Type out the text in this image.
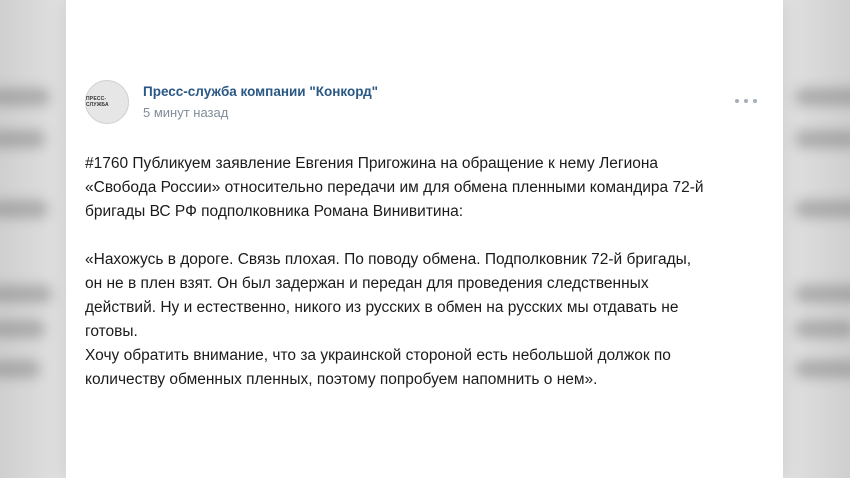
ПРЕСС-СЛУЖБА
Пресс-служба компании "Конкорд"
5 минут назад

#1760 Публикуем заявление Евгения Пригожина на обращение к нему Легиона

«Свобода России» относительно передачи им для обмена пленными командира 72-й

бригады ВС РФ подполковника Романа Винивитина:

«Нахожусь в дороге. Связь плохая. По поводу обмена. Подполковник 72-й бригады,

он не в плен взят. Он был задержан и передан для проведения следственных

действий. Ну и естественно, никого из русских в обмен на русских мы отдавать не

готовы.

Хочу обратить внимание, что за украинской стороной есть небольшой должок по

количеству обменных пленных, поэтому попробуем напомнить о нем».
